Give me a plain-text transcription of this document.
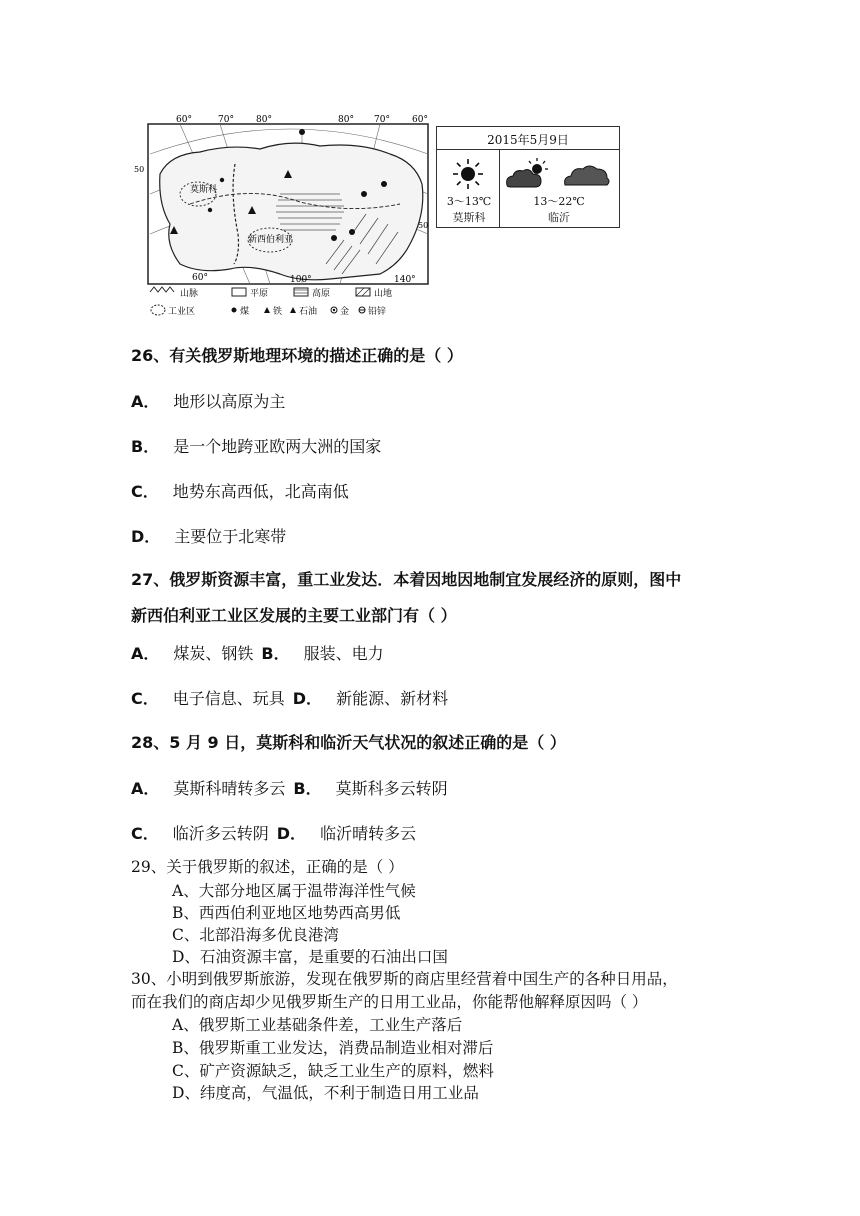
60°	70° 80°	80° 70° 60°
50
50
莫斯科
新西伯利亚
60°	100°	140°
山脉	平原	高原	山地
工业区	煤	铁 石油	金 铅锌
2015年5月9日
3～13℃
莫斯科
13～22℃
临沂
26、有关俄罗斯地理环境的描述正确的是（ ）
A． 地形以高原为主
B． 是一个地跨亚欧两大洲的国家
C． 地势东高西低，北高南低
D． 主要位于北寒带
27、俄罗斯资源丰富，重工业发达．本着因地因地制宜发展经济的原则，图中
新西伯利亚工业区发展的主要工业部门有（ ）
A． 煤炭、钢铁 B． 服装、电力
C． 电子信息、玩具 D． 新能源、新材料
28、5 月 9 日，莫斯科和临沂天气状况的叙述正确的是（ ）
A． 莫斯科晴转多云 B． 莫斯科多云转阴
C． 临沂多云转阴 D． 临沂晴转多云
29、关于俄罗斯的叙述，正确的是（ ）
A、大部分地区属于温带海洋性气候
B、西西伯利亚地区地势西高男低
C、北部沿海多优良港湾
D、石油资源丰富，是重要的石油出口国
30、小明到俄罗斯旅游，发现在俄罗斯的商店里经营着中国生产的各种日用品，
而在我们的商店却少见俄罗斯生产的日用工业品，你能帮他解释原因吗（ ）
A、俄罗斯工业基础条件差，工业生产落后
B、俄罗斯重工业发达，消费品制造业相对滞后
C、矿产资源缺乏，缺乏工业生产的原料，燃料
D、纬度高，气温低，不利于制造日用工业品
